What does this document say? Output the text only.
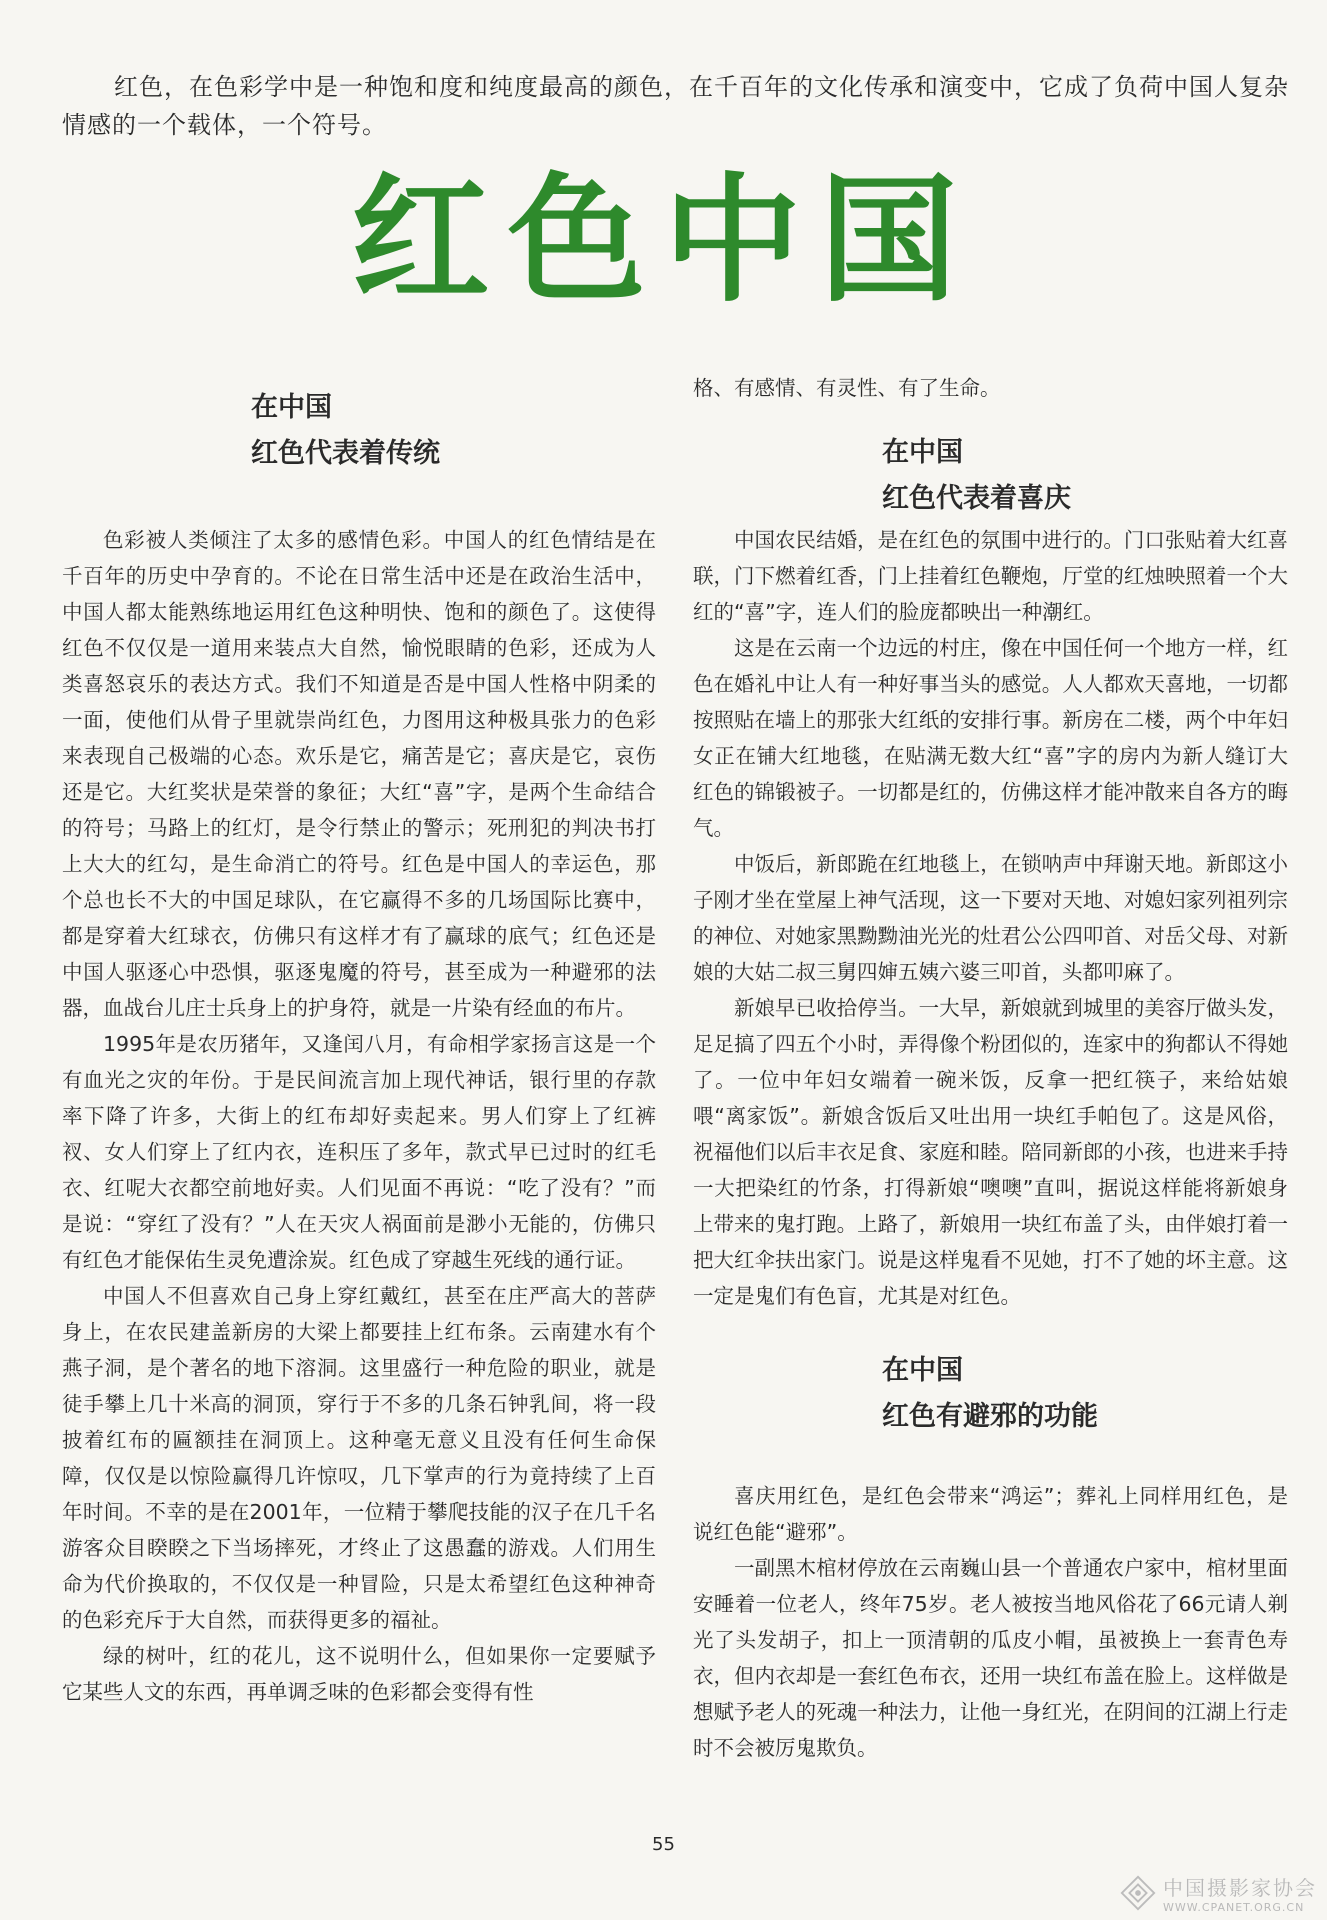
红色，在色彩学中是一种饱和度和纯度最高的颜色，在千百年的文化传承和演变中，它成了负荷中国人复杂情感的一个载体，一个符号。

红色中国
在中国
红色代表着传统

色彩被人类倾注了太多的感情色彩。中国人的红色情结是在千百年的历史中孕育的。不论在日常生活中还是在政治生活中，中国人都太能熟练地运用红色这种明快、饱和的颜色了。这使得红色不仅仅是一道用来装点大自然，愉悦眼睛的色彩，还成为人类喜怒哀乐的表达方式。我们不知道是否是中国人性格中阴柔的一面，使他们从骨子里就崇尚红色，力图用这种极具张力的色彩来表现自己极端的心态。欢乐是它，痛苦是它；喜庆是它，哀伤还是它。大红奖状是荣誉的象征；大红“喜”字，是两个生命结合的符号；马路上的红灯，是令行禁止的警示；死刑犯的判决书打上大大的红勾，是生命消亡的符号。红色是中国人的幸运色，那个总也长不大的中国足球队，在它赢得不多的几场国际比赛中，都是穿着大红球衣，仿佛只有这样才有了赢球的底气；红色还是中国人驱逐心中恐惧，驱逐鬼魔的符号，甚至成为一种避邪的法器，血战台儿庄士兵身上的护身符，就是一片染有经血的布片。

1995年是农历猪年，又逢闰八月，有命相学家扬言这是一个有血光之灾的年份。于是民间流言加上现代神话，银行里的存款率下降了许多，大街上的红布却好卖起来。男人们穿上了红裤衩、女人们穿上了红内衣，连积压了多年，款式早已过时的红毛衣、红呢大衣都空前地好卖。人们见面不再说：“吃了没有？”而是说：“穿红了没有？”人在天灾人祸面前是渺小无能的，仿佛只有红色才能保佑生灵免遭涂炭。红色成了穿越生死线的通行证。

中国人不但喜欢自己身上穿红戴红，甚至在庄严高大的菩萨身上，在农民建盖新房的大梁上都要挂上红布条。云南建水有个燕子洞，是个著名的地下溶洞。这里盛行一种危险的职业，就是徒手攀上几十米高的洞顶，穿行于不多的几条石钟乳间，将一段披着红布的匾额挂在洞顶上。这种毫无意义且没有任何生命保障，仅仅是以惊险赢得几许惊叹，几下掌声的行为竟持续了上百年时间。不幸的是在2001年，一位精于攀爬技能的汉子在几千名游客众目睽睽之下当场摔死，才终止了这愚蠢的游戏。人们用生命为代价换取的，不仅仅是一种冒险，只是太希望红色这种神奇的色彩充斥于大自然，而获得更多的福祉。

绿的树叶，红的花儿，这不说明什么，但如果你一定要赋予它某些人文的东西，再单调乏味的色彩都会变得有性

格、有感情、有灵性、有了生命。

在中国
红色代表着喜庆

中国农民结婚，是在红色的氛围中进行的。门口张贴着大红喜联，门下燃着红香，门上挂着红色鞭炮，厅堂的红烛映照着一个大红的“喜”字，连人们的脸庞都映出一种潮红。

这是在云南一个边远的村庄，像在中国任何一个地方一样，红色在婚礼中让人有一种好事当头的感觉。人人都欢天喜地，一切都按照贴在墙上的那张大红纸的安排行事。新房在二楼，两个中年妇女正在铺大红地毯，在贴满无数大红“喜”字的房内为新人缝订大红色的锦锻被子。一切都是红的，仿佛这样才能冲散来自各方的晦气。

中饭后，新郎跪在红地毯上，在锁呐声中拜谢天地。新郎这小子刚才坐在堂屋上神气活现，这一下要对天地、对媳妇家列祖列宗的神位、对她家黑黝黝油光光的灶君公公四叩首、对岳父母、对新娘的大姑二叔三舅四婶五姨六婆三叩首，头都叩麻了。

新娘早已收拾停当。一大早，新娘就到城里的美容厅做头发，足足搞了四五个小时，弄得像个粉团似的，连家中的狗都认不得她了。一位中年妇女端着一碗米饭，反拿一把红筷子，来给姑娘喂“离家饭”。新娘含饭后又吐出用一块红手帕包了。这是风俗，祝福他们以后丰衣足食、家庭和睦。陪同新郎的小孩，也进来手持一大把染红的竹条，打得新娘“噢噢”直叫，据说这样能将新娘身上带来的鬼打跑。上路了，新娘用一块红布盖了头，由伴娘打着一把大红伞扶出家门。说是这样鬼看不见她，打不了她的坏主意。这一定是鬼们有色盲，尤其是对红色。

在中国
红色有避邪的功能

喜庆用红色，是红色会带来“鸿运”；葬礼上同样用红色，是说红色能“避邪”。

一副黑木棺材停放在云南巍山县一个普通农户家中，棺材里面安睡着一位老人，终年75岁。老人被按当地风俗花了66元请人剃光了头发胡子，扣上一顶清朝的瓜皮小帽，虽被换上一套青色寿衣，但内衣却是一套红色布衣，还用一块红布盖在脸上。这样做是想赋予老人的死魂一种法力，让他一身红光，在阴间的江湖上行走时不会被厉鬼欺负。

55
中国摄影家协会
WWW.CPANET.ORG.CN
